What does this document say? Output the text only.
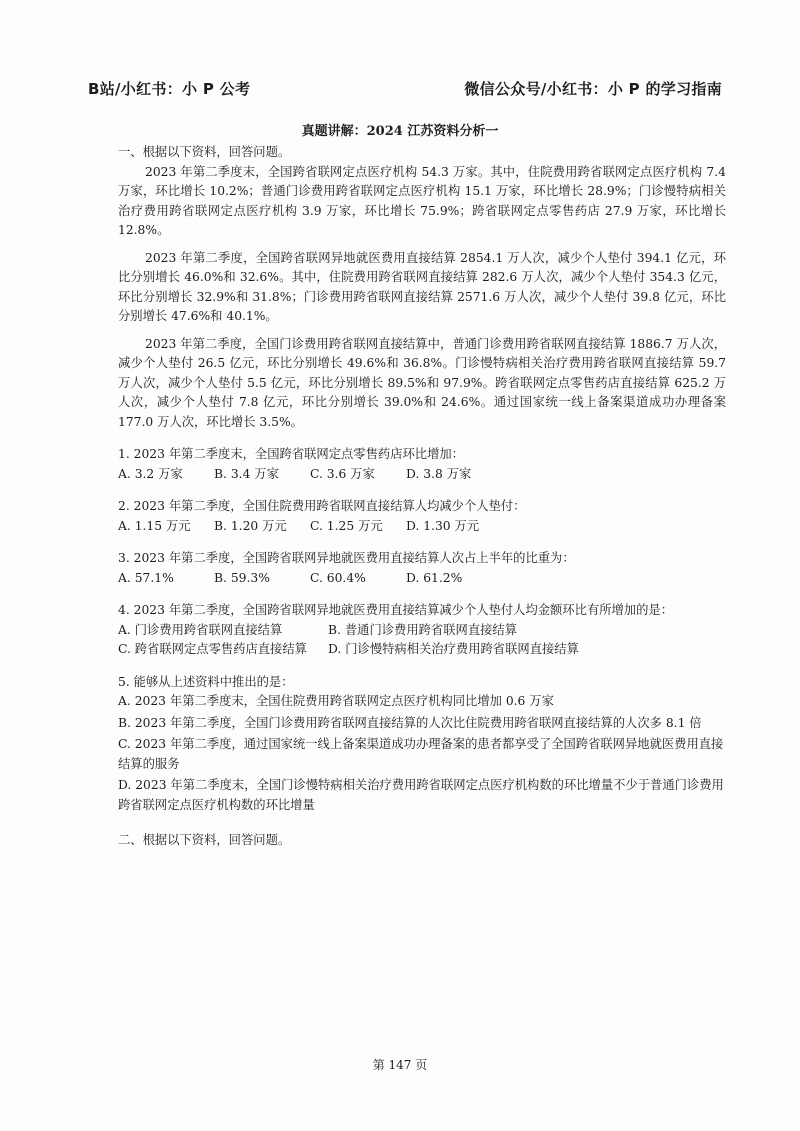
B站/小红书：小 P 公考	微信公众号/小红书：小 P 的学习指南
真题讲解：2024 江苏资料分析一
一、根据以下资料，回答问题。

2023 年第二季度末，全国跨省联网定点医疗机构 54.3 万家。其中，住院费用跨省联网定点医疗机构 7.4 万家，环比增长 10.2%；普通门诊费用跨省联网定点医疗机构 15.1 万家，环比增长 28.9%；门诊慢特病相关治疗费用跨省联网定点医疗机构 3.9 万家，环比增长 75.9%；跨省联网定点零售药店 27.9 万家，环比增长 12.8%。

2023 年第二季度，全国跨省联网异地就医费用直接结算 2854.1 万人次，减少个人垫付 394.1 亿元，环比分别增长 46.0%和 32.6%。其中，住院费用跨省联网直接结算 282.6 万人次，减少个人垫付 354.3 亿元，环比分别增长 32.9%和 31.8%；门诊费用跨省联网直接结算 2571.6 万人次，减少个人垫付 39.8 亿元，环比分别增长 47.6%和 40.1%。

2023 年第二季度，全国门诊费用跨省联网直接结算中，普通门诊费用跨省联网直接结算 1886.7 万人次，减少个人垫付 26.5 亿元，环比分别增长 49.6%和 36.8%。门诊慢特病相关治疗费用跨省联网直接结算 59.7 万人次，减少个人垫付 5.5 亿元，环比分别增长 89.5%和 97.9%。跨省联网定点零售药店直接结算 625.2 万人次，减少个人垫付 7.8 亿元，环比分别增长 39.0%和 24.6%。通过国家统一线上备案渠道成功办理备案 177.0 万人次，环比增长 3.5%。

1. 2023 年第二季度末，全国跨省联网定点零售药店环比增加：
A. 3.2 万家	B. 3.4 万家	C. 3.6 万家	D. 3.8 万家
2. 2023 年第二季度，全国住院费用跨省联网直接结算人均减少个人垫付：
A. 1.15 万元	B. 1.20 万元	C. 1.25 万元	D. 1.30 万元
3. 2023 年第二季度，全国跨省联网异地就医费用直接结算人次占上半年的比重为：
A. 57.1%	B. 59.3%	C. 60.4%	D. 61.2%
4. 2023 年第二季度，全国跨省联网异地就医费用直接结算减少个人垫付人均金额环比有所增加的是：
A. 门诊费用跨省联网直接结算	B. 普通门诊费用跨省联网直接结算
C. 跨省联网定点零售药店直接结算	D. 门诊慢特病相关治疗费用跨省联网直接结算
5. 能够从上述资料中推出的是：
A. 2023 年第二季度末，全国住院费用跨省联网定点医疗机构同比增加 0.6 万家
B. 2023 年第二季度，全国门诊费用跨省联网直接结算的人次比住院费用跨省联网直接结算的人次多 8.1 倍
C. 2023 年第二季度，通过国家统一线上备案渠道成功办理备案的患者都享受了全国跨省联网异地就医费用直接结算的服务
D. 2023 年第二季度末，全国门诊慢特病相关治疗费用跨省联网定点医疗机构数的环比增量不少于普通门诊费用跨省联网定点医疗机构数的环比增量
二、根据以下资料，回答问题。
第 147 页
